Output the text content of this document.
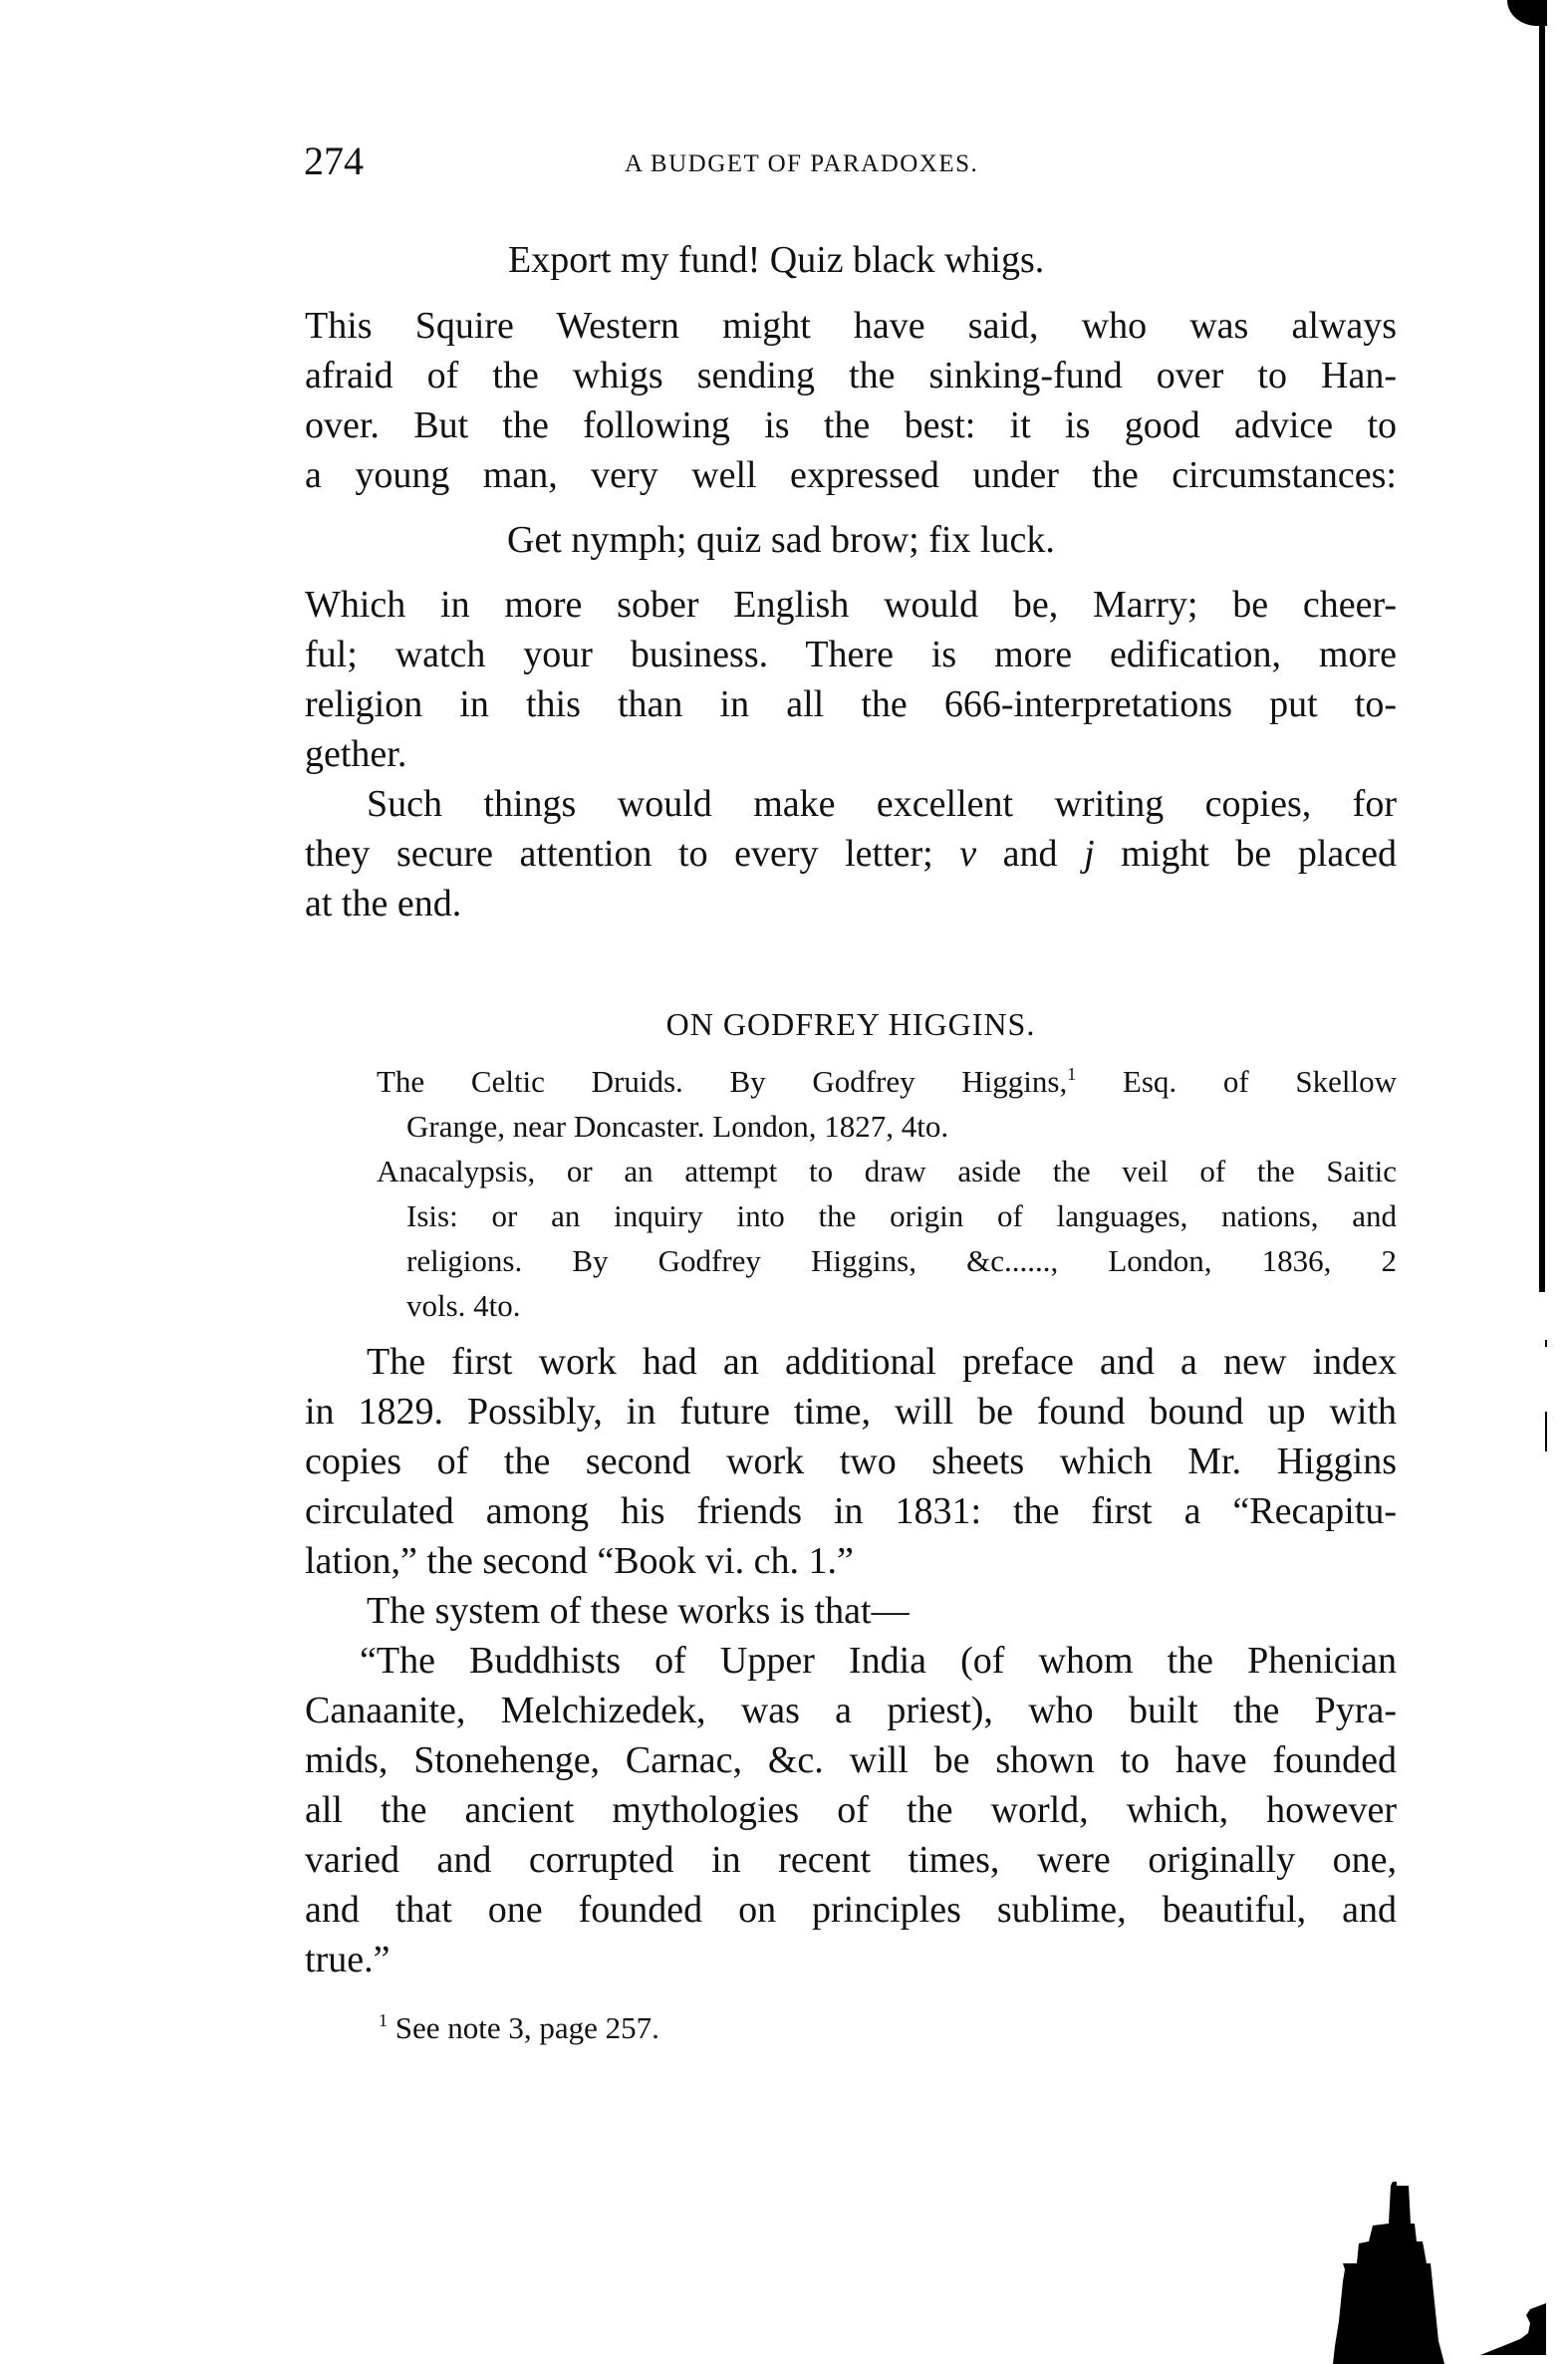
274	A BUDGET OF PARADOXES.
Export my fund! Quiz black whigs.
This Squire Western might have said, who was always
afraid of the whigs sending the sinking-fund over to Han-
over. But the following is the best: it is good advice to
a young man, very well expressed under the circumstances:
Get nymph; quiz sad brow; fix luck.
Which in more sober English would be, Marry; be cheer-
ful; watch your business. There is more edification, more
religion in this than in all the 666-interpretations put to-
gether.
Such things would make excellent writing copies, for
they secure attention to every letter; v and j might be placed
at the end.
ON GODFREY HIGGINS.
The Celtic Druids. By Godfrey Higgins,$^1$ Esq. of Skellow
Grange, near Doncaster. London, 1827, 4to.
Anacalypsis, or an attempt to draw aside the veil of the Saitic
Isis: or an inquiry into the origin of languages, nations, and
religions. By Godfrey Higgins, &c......, London, 1836, 2
vols. 4to.
The first work had an additional preface and a new index
in 1829. Possibly, in future time, will be found bound up with
copies of the second work two sheets which Mr. Higgins
circulated among his friends in 1831: the first a “Recapitu-
lation,” the second “Book vi. ch. 1.”
The system of these works is that—
“The Buddhists of Upper India (of whom the Phenician
Canaanite, Melchizedek, was a priest), who built the Pyra-
mids, Stonehenge, Carnac, &c. will be shown to have founded
all the ancient mythologies of the world, which, however
varied and corrupted in recent times, were originally one,
and that one founded on principles sublime, beautiful, and
true.”
$^1$ See note 3, page 257.
